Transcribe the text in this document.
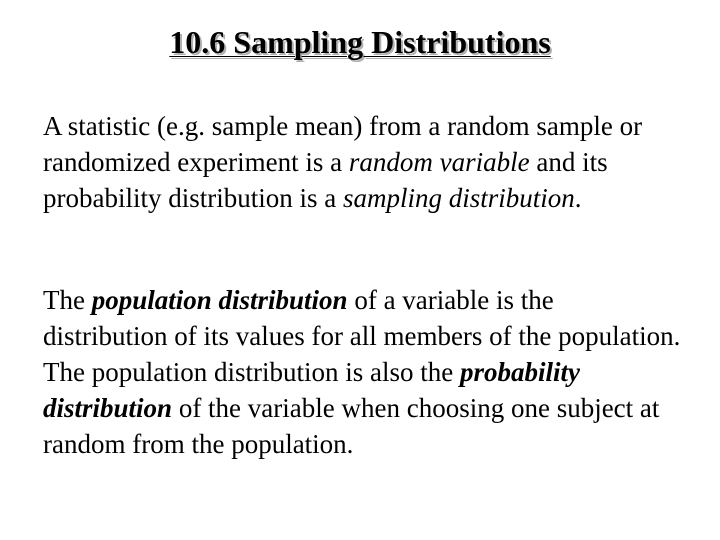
10.6 Sampling Distributions

A statistic (e.g. sample mean) from a random sample or randomized experiment is a random variable and its  probability distribution is a sampling distribution.

The population distribution of a variable is the distribution of its values for all members of the population. The population distribution is also the probability distribution of the variable when choosing one subject at random from the population.
